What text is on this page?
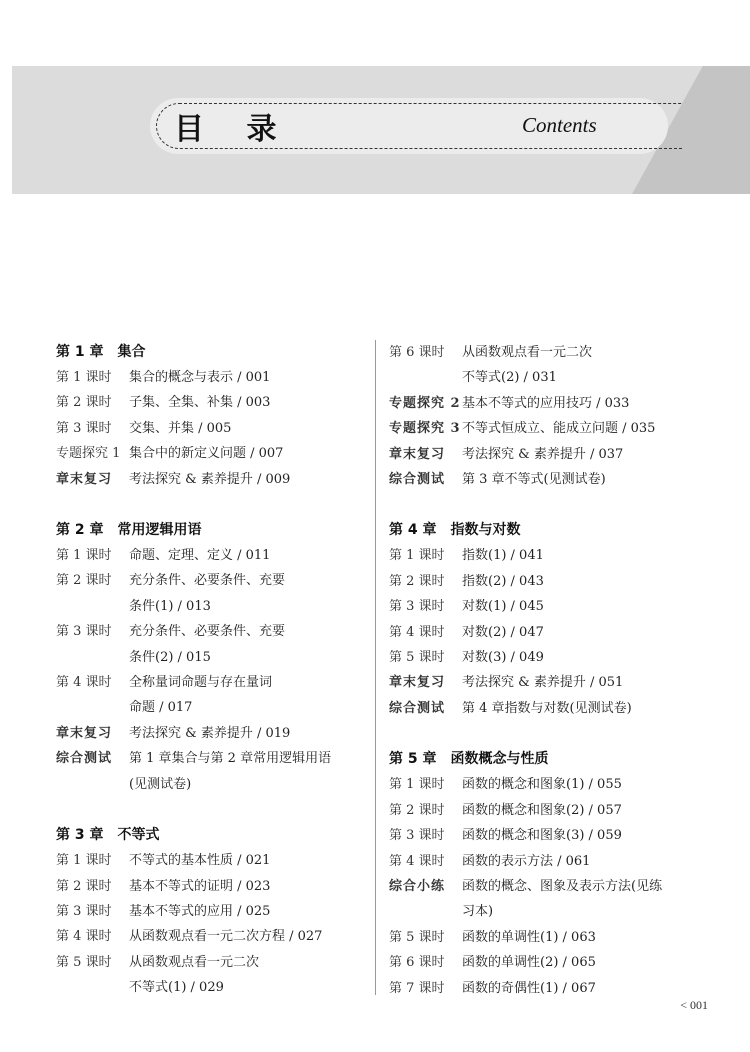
目 录	Contents
第 1 章　集合
第 1 课时	集合的概念与表示 / 001
第 2 课时	子集、全集、补集 / 003
第 3 课时	交集、并集 / 005
专题探究 1 集合中的新定义问题 / 007
章末复习	考法探究 & 素养提升 / 009
第 2 章　常用逻辑用语
第 1 课时	命题、定理、定义 / 011
第 2 课时	充分条件、必要条件、充要
条件(1) / 013
第 3 课时	充分条件、必要条件、充要
条件(2) / 015
第 4 课时	全称量词命题与存在量词
命题 / 017
章末复习	考法探究 & 素养提升 / 019
综合测试	第 1 章集合与第 2 章常用逻辑用语
(见测试卷)
第 3 章　不等式
第 1 课时	不等式的基本性质 / 021
第 2 课时	基本不等式的证明 / 023
第 3 课时	基本不等式的应用 / 025
第 4 课时	从函数观点看一元二次方程 / 027
第 5 课时	从函数观点看一元二次
不等式(1) / 029
第 6 课时	从函数观点看一元二次
不等式(2) / 031
专题探究 2 基本不等式的应用技巧 / 033
专题探究 3 不等式恒成立、能成立问题 / 035
章末复习	考法探究 & 素养提升 / 037
综合测试	第 3 章不等式(见测试卷)
第 4 章　指数与对数
第 1 课时	指数(1) / 041
第 2 课时	指数(2) / 043
第 3 课时	对数(1) / 045
第 4 课时	对数(2) / 047
第 5 课时	对数(3) / 049
章末复习	考法探究 & 素养提升 / 051
综合测试	第 4 章指数与对数(见测试卷)
第 5 章　函数概念与性质
第 1 课时	函数的概念和图象(1) / 055
第 2 课时	函数的概念和图象(2) / 057
第 3 课时	函数的概念和图象(3) / 059
第 4 课时	函数的表示方法 / 061
综合小练	函数的概念、图象及表示方法(见练
习本)
第 5 课时	函数的单调性(1) / 063
第 6 课时	函数的单调性(2) / 065
第 7 课时	函数的奇偶性(1) / 067
< 001
